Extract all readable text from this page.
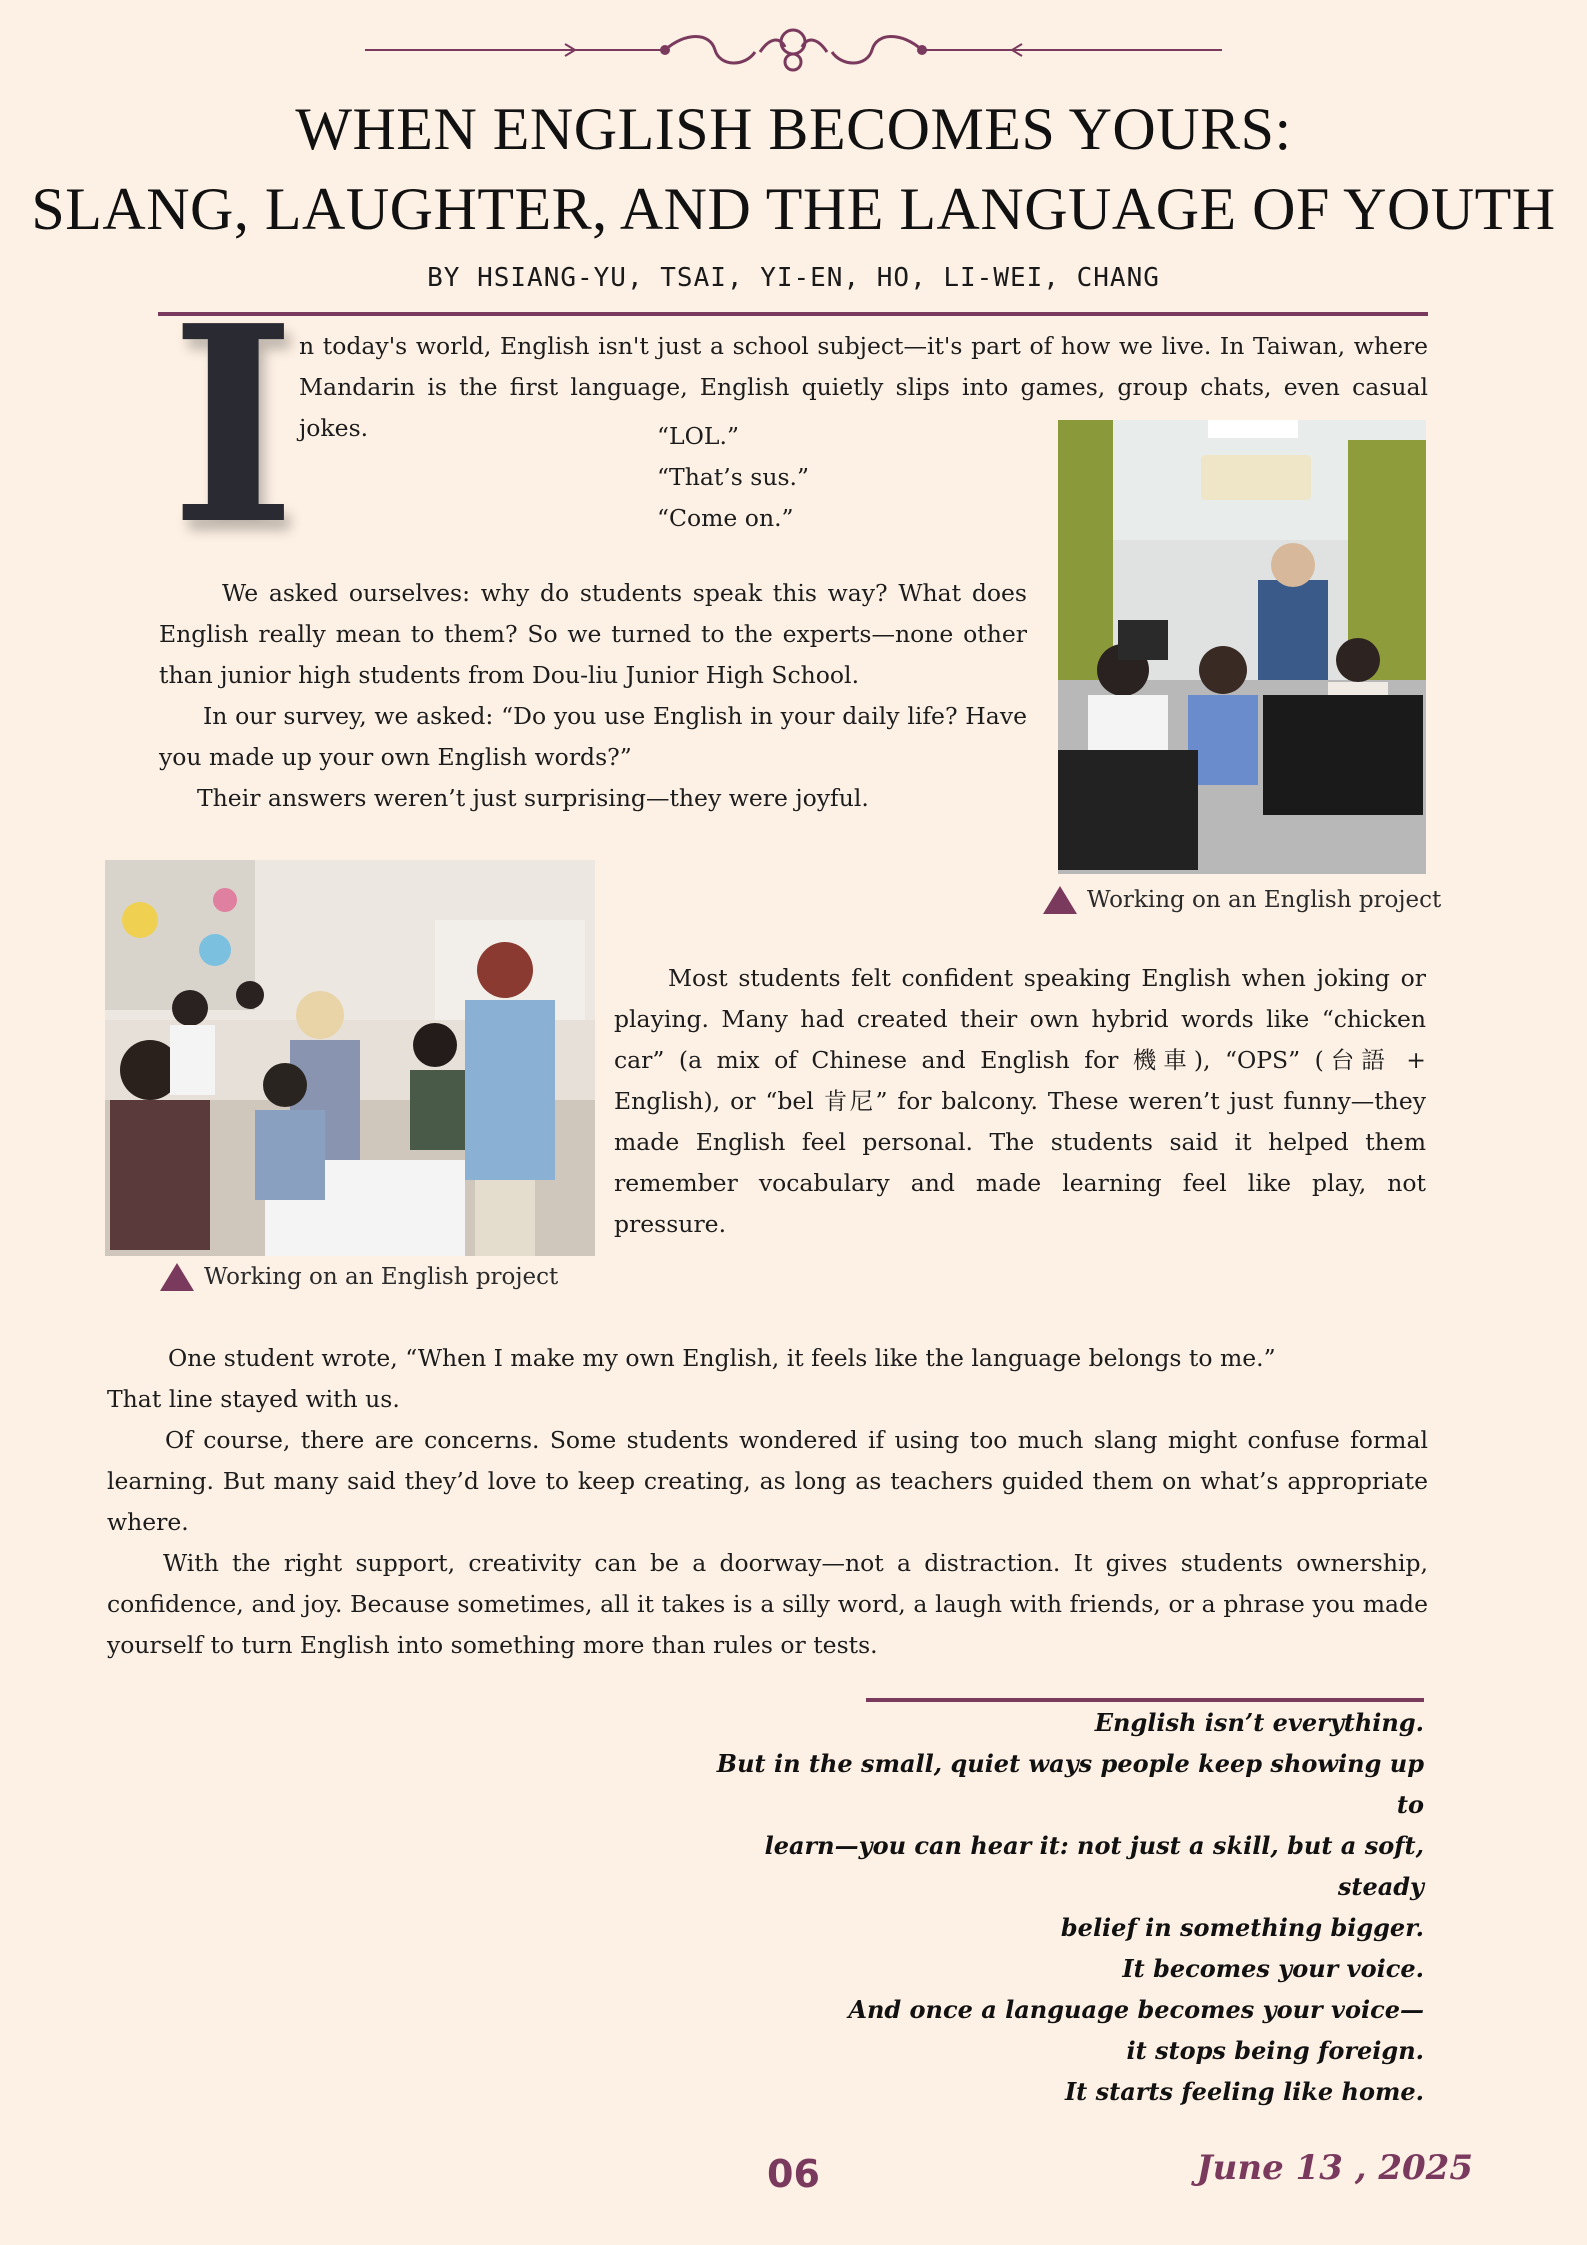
WHEN ENGLISH BECOMES YOURS:
SLANG, LAUGHTER, AND THE LANGUAGE OF YOUTH
BY HSIANG-YU, TSAI, YI-EN, HO, LI-WEI, CHANG
I n today's world, English isn't just a school subject—it's part of how we live. In Taiwan, where

Mandarin is the first language, English quietly slips into games, group chats, even casual

jokes.	“LOL.”

“That’s sus.”

“Come on.”

Working on an English project

We asked ourselves: why do students speak this way? What does English really mean to them? So we turned to the experts—none other than junior high students from Dou-liu Junior High School.

In our survey, we asked: “Do you use English in your daily life? Have you made up your own English words?”

Their answers weren’t just surprising—they were joyful.

Working on an English project

Most students felt confident speaking English when joking or playing. Many had created their own hybrid words like “chicken car” (a mix of Chinese and English for 機車), “OPS” (台語 + English), or “bel 肯尼” for balcony. These weren’t just funny—they made English feel personal. The students said it helped them remember vocabulary and made learning feel like play, not pressure.

One student wrote, “When I make my own English, it feels like the language belongs to me.”

That line stayed with us.

Of course, there are concerns. Some students wondered if using too much slang might confuse formal learning. But many said they’d love to keep creating, as long as teachers guided them on what’s appropriate where.

With the right support, creativity can be a doorway—not a distraction. It gives students ownership, confidence, and joy. Because sometimes, all it takes is a silly word, a laugh with friends, or a phrase you made yourself to turn English into something more than rules or tests.

English isn’t everything.
But in the small, quiet ways people keep showing up to
learn—you can hear it: not just a skill, but a soft, steady
belief in something bigger.
It becomes your voice.
And once a language becomes your voice—
it stops being foreign.
It starts feeling like home.
06	June 13 , 2025
